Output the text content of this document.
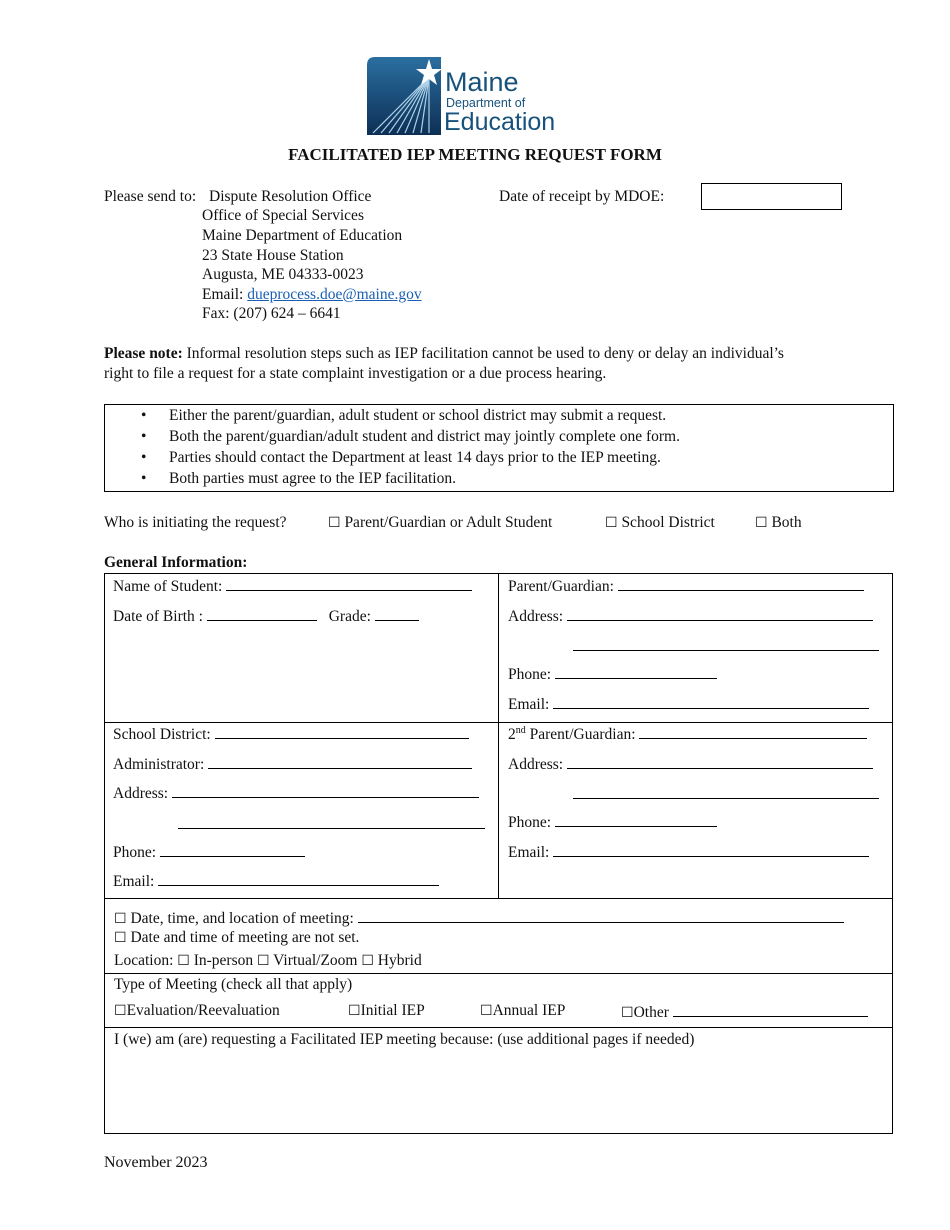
Maine
Department of
Education
FACILITATED IEP MEETING REQUEST FORM
Please send to: Dispute Resolution Office
Office of Special Services
Maine Department of Education
23 State House Station
Augusta, ME 04333-0023
Email: dueprocess.doe@maine.gov
Fax: (207) 624 – 6641
Date of receipt by MDOE:
Please note: Informal resolution steps such as IEP facilitation cannot be used to deny or delay an individual’s
right to file a request for a state complaint investigation or a due process hearing.
• Either the parent/guardian, adult student or school district may submit a request.
• Both the parent/guardian/adult student and district may jointly complete one form.
• Parties should contact the Department at least 14 days prior to the IEP meeting.
• Both parties must agree to the IEP facilitation.
Who is initiating the request?	☐ Parent/Guardian or Adult Student	☐ School District	☐ Both
General Information:
Name of Student:
Date of Birth :	Grade:
Parent/Guardian:
Address:
Phone:
Email:
School District:
Administrator:
Address:
Phone:
Email:
2nd Parent/Guardian:
Address:
Phone:
Email:
☐ Date, time, and location of meeting:
☐ Date and time of meeting are not set.
Location: ☐ In-person ☐ Virtual/Zoom ☐ Hybrid
Type of Meeting (check all that apply)
☐Evaluation/Reevaluation	☐Initial IEP	☐Annual IEP	☐Other
I (we) am (are) requesting a Facilitated IEP meeting because: (use additional pages if needed)
November 2023
